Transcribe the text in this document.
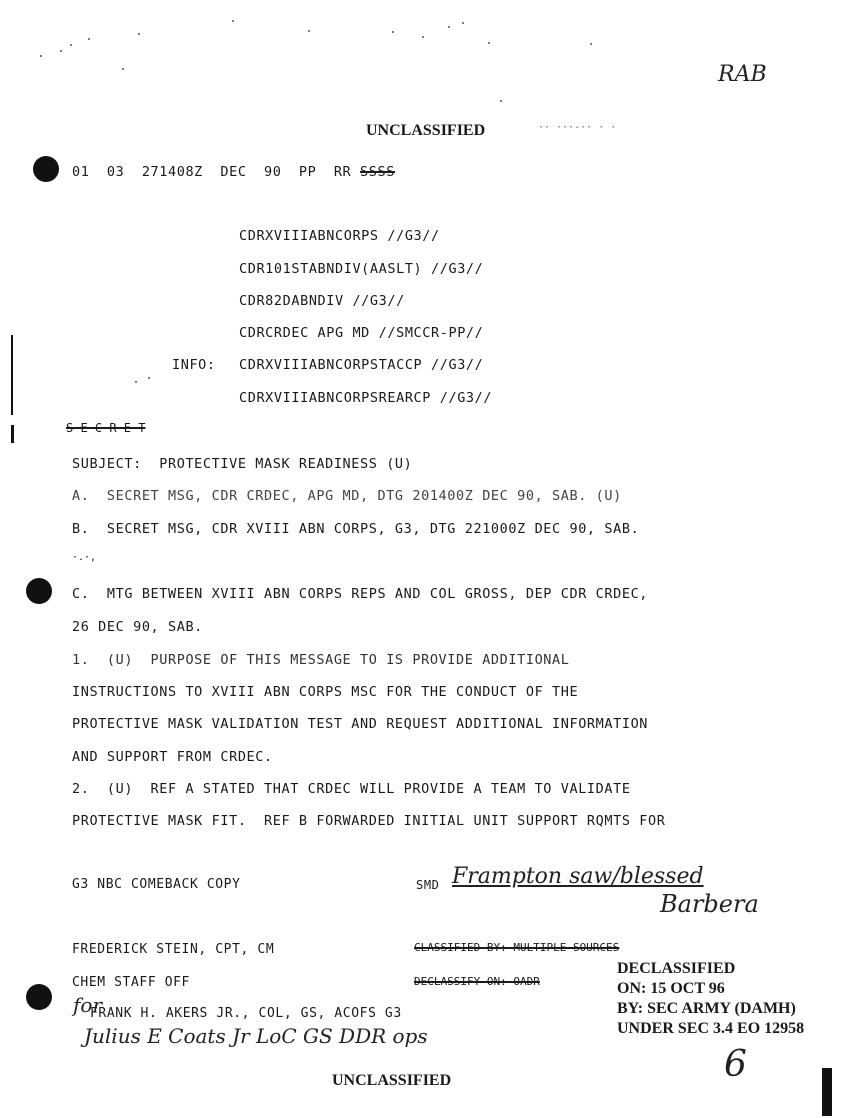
RAB
UNCLASSIFIED	·· ···-·· · ·
01  03  271408Z  DEC  90  PP  RR SSSS
CDRXVIIIABNCORPS //G3//
CDR101STABNDIV(AASLT) //G3//
CDR82DABNDIV //G3//
CDRCRDEC APG MD //SMCCR-PP//
INFO: CDRXVIIIABNCORPSTACCP //G3//
CDRXVIIIABNCORPSREARCP //G3//
S E C R E T
SUBJECT:  PROTECTIVE MASK READINESS (U)
A.  SECRET MSG, CDR CRDEC, APG MD, DTG 201400Z DEC 90, SAB. (U)
B.  SECRET MSG, CDR XVIII ABN CORPS, G3, DTG 221000Z DEC 90, SAB.
·.·,
C.  MTG BETWEEN XVIII ABN CORPS REPS AND COL GROSS, DEP CDR CRDEC,
26 DEC 90, SAB.
1.  (U)  PURPOSE OF THIS MESSAGE TO IS PROVIDE ADDITIONAL
INSTRUCTIONS TO XVIII ABN CORPS MSC FOR THE CONDUCT OF THE
PROTECTIVE MASK VALIDATION TEST AND REQUEST ADDITIONAL INFORMATION
AND SUPPORT FROM CRDEC.
2.  (U)  REF A STATED THAT CRDEC WILL PROVIDE A TEAM TO VALIDATE
PROTECTIVE MASK FIT.  REF B FORWARDED INITIAL UNIT SUPPORT RQMTS FOR
G3 NBC COMEBACK COPY	SMD Frampton saw/blessed
Barbera
FREDERICK STEIN, CPT, CM	CLASSIFIED BY: MULTIPLE SOURCES
CHEM STAFF OFF	DECLASSIFY ON: OADR
for
FRANK H. AKERS JR., COL, GS, ACOFS G3
Julius E Coats Jr LoC GS DDR ops
DECLASSIFIED
ON: 15 OCT 96
BY: SEC ARMY (DAMH)
UNDER SEC 3.4 EO 12958
6
UNCLASSIFIED
